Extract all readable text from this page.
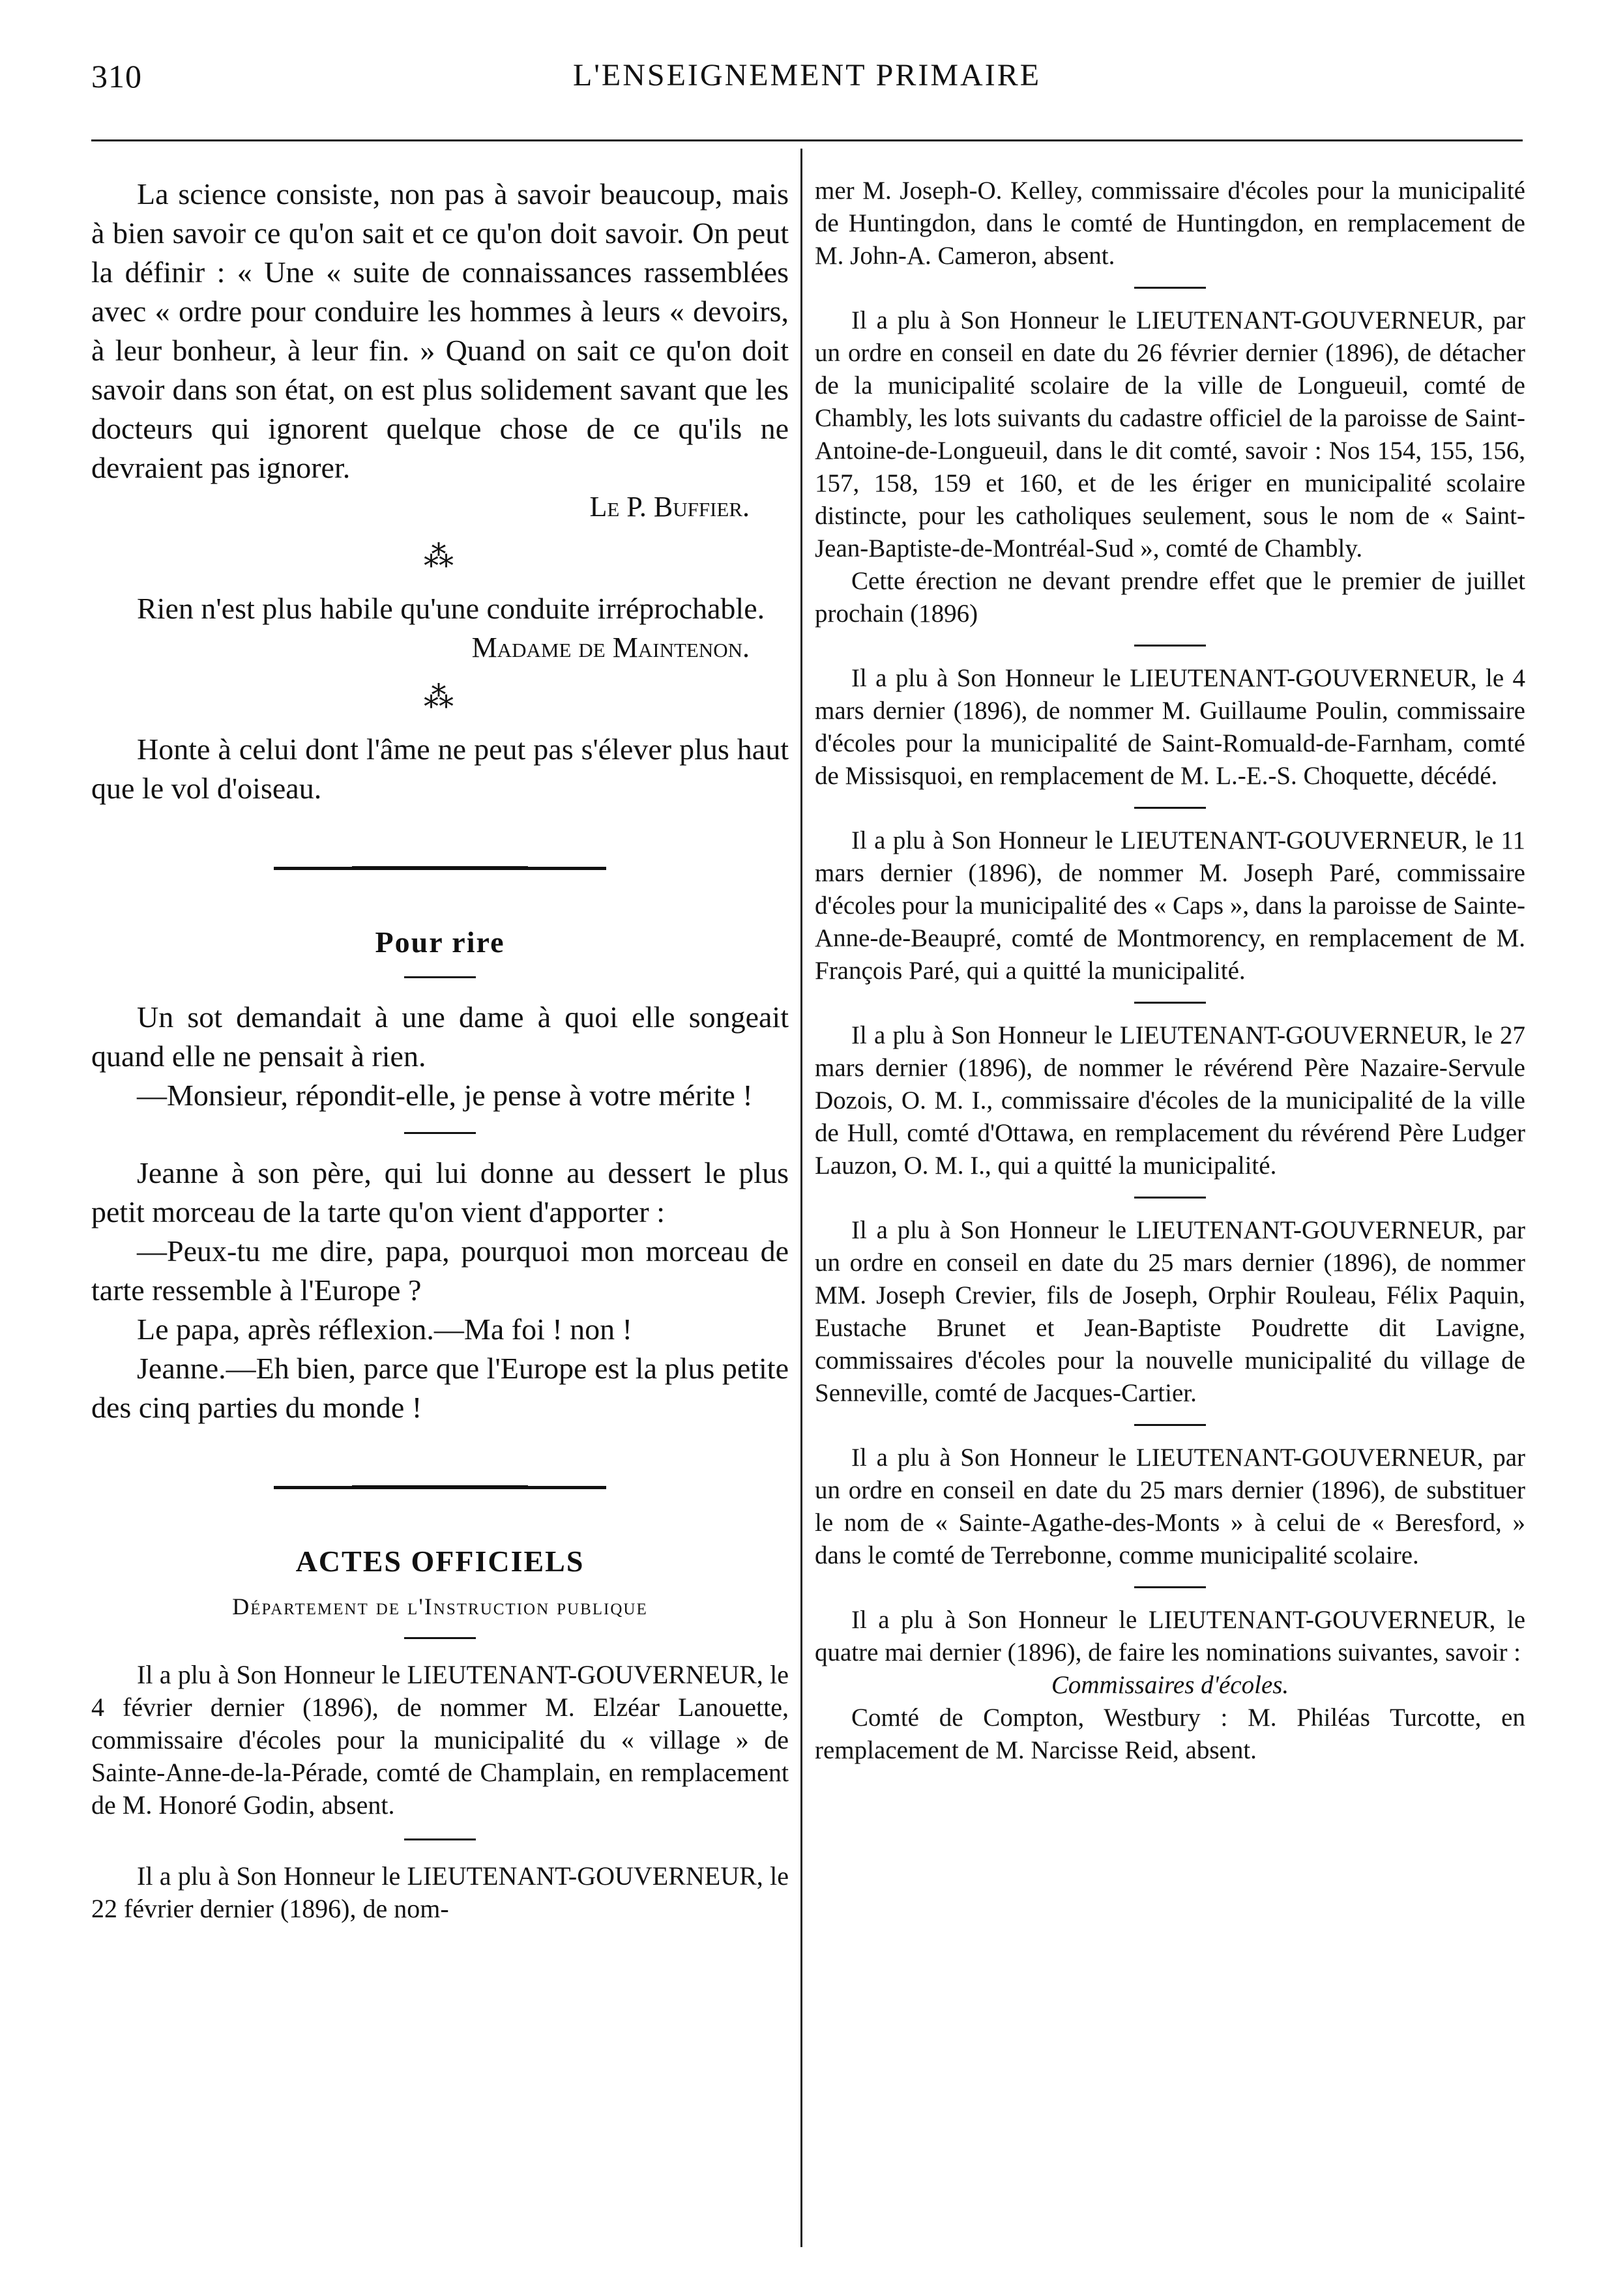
310	L'ENSEIGNEMENT PRIMAIRE

La science consiste, non pas à savoir beaucoup, mais à bien savoir ce qu'on sait et ce qu'on doit savoir. On peut la définir : « Une « suite de connaissances rassemblées avec « ordre pour conduire les hommes à leurs « devoirs, à leur bonheur, à leur fin. » Quand on sait ce qu'on doit savoir dans son état, on est plus solidement savant que les docteurs qui ignorent quelque chose de ce qu'ils ne devraient pas ignorer.

Le P. Buffier.
⁂

Rien n'est plus habile qu'une conduite irréprochable.

Madame de Maintenon.
⁂

Honte à celui dont l'âme ne peut pas s'élever plus haut que le vol d'oiseau.

Pour rire

Un sot demandait à une dame à quoi elle songeait quand elle ne pensait à rien.

—Monsieur, répondit-elle, je pense à votre mérite !

Jeanne à son père, qui lui donne au dessert le plus petit morceau de la tarte qu'on vient d'apporter :

—Peux-tu me dire, papa, pourquoi mon morceau de tarte ressemble à l'Europe ?

Le papa, après réflexion.—Ma foi ! non !

Jeanne.—Eh bien, parce que l'Europe est la plus petite des cinq parties du monde !

ACTES OFFICIELS
Département de l'Instruction publique

Il a plu à Son Honneur le LIEUTENANT-GOUVERNEUR, le 4 février dernier (1896), de nommer M. Elzéar Lanouette, commissaire d'écoles pour la municipalité du « village » de Sainte-Anne-de-la-Pérade, comté de Champlain, en remplacement de M. Honoré Godin, absent.

Il a plu à Son Honneur le LIEUTENANT-GOUVERNEUR, le 22 février dernier (1896), de nom-

mer M. Joseph-O. Kelley, commissaire d'écoles pour la municipalité de Huntingdon, dans le comté de Huntingdon, en remplacement de M. John-A. Cameron, absent.

Il a plu à Son Honneur le LIEUTENANT-GOUVERNEUR, par un ordre en conseil en date du 26 février dernier (1896), de détacher de la municipalité scolaire de la ville de Longueuil, comté de Chambly, les lots suivants du cadastre officiel de la paroisse de Saint-Antoine-de-Longueuil, dans le dit comté, savoir : Nos 154, 155, 156, 157, 158, 159 et 160, et de les ériger en municipalité scolaire distincte, pour les catholiques seulement, sous le nom de « Saint-Jean-Baptiste-de-Montréal-Sud », comté de Chambly.

Cette érection ne devant prendre effet que le premier de juillet prochain (1896)

Il a plu à Son Honneur le LIEUTENANT-GOUVERNEUR, le 4 mars dernier (1896), de nommer M. Guillaume Poulin, commissaire d'écoles pour la municipalité de Saint-Romuald-de-Farnham, comté de Missisquoi, en remplacement de M. L.-E.-S. Choquette, décédé.

Il a plu à Son Honneur le LIEUTENANT-GOUVERNEUR, le 11 mars dernier (1896), de nommer M. Joseph Paré, commissaire d'écoles pour la municipalité des « Caps », dans la paroisse de Sainte-Anne-de-Beaupré, comté de Montmorency, en remplacement de M. François Paré, qui a quitté la municipalité.

Il a plu à Son Honneur le LIEUTENANT-GOUVERNEUR, le 27 mars dernier (1896), de nommer le révérend Père Nazaire-Servule Dozois, O. M. I., commissaire d'écoles de la municipalité de la ville de Hull, comté d'Ottawa, en remplacement du révérend Père Ludger Lauzon, O. M. I., qui a quitté la municipalité.

Il a plu à Son Honneur le LIEUTENANT-GOUVERNEUR, par un ordre en conseil en date du 25 mars dernier (1896), de nommer MM. Joseph Crevier, fils de Joseph, Orphir Rouleau, Félix Paquin, Eustache Brunet et Jean-Baptiste Poudrette dit Lavigne, commissaires d'écoles pour la nouvelle municipalité du village de Senneville, comté de Jacques-Cartier.

Il a plu à Son Honneur le LIEUTENANT-GOUVERNEUR, par un ordre en conseil en date du 25 mars dernier (1896), de substituer le nom de « Sainte-Agathe-des-Monts » à celui de « Beresford, » dans le comté de Terrebonne, comme municipalité scolaire.

Il a plu à Son Honneur le LIEUTENANT-GOUVERNEUR, le quatre mai dernier (1896), de faire les nominations suivantes, savoir :

Commissaires d'écoles.

Comté de Compton, Westbury : M. Philéas Turcotte, en remplacement de M. Narcisse Reid, absent.
